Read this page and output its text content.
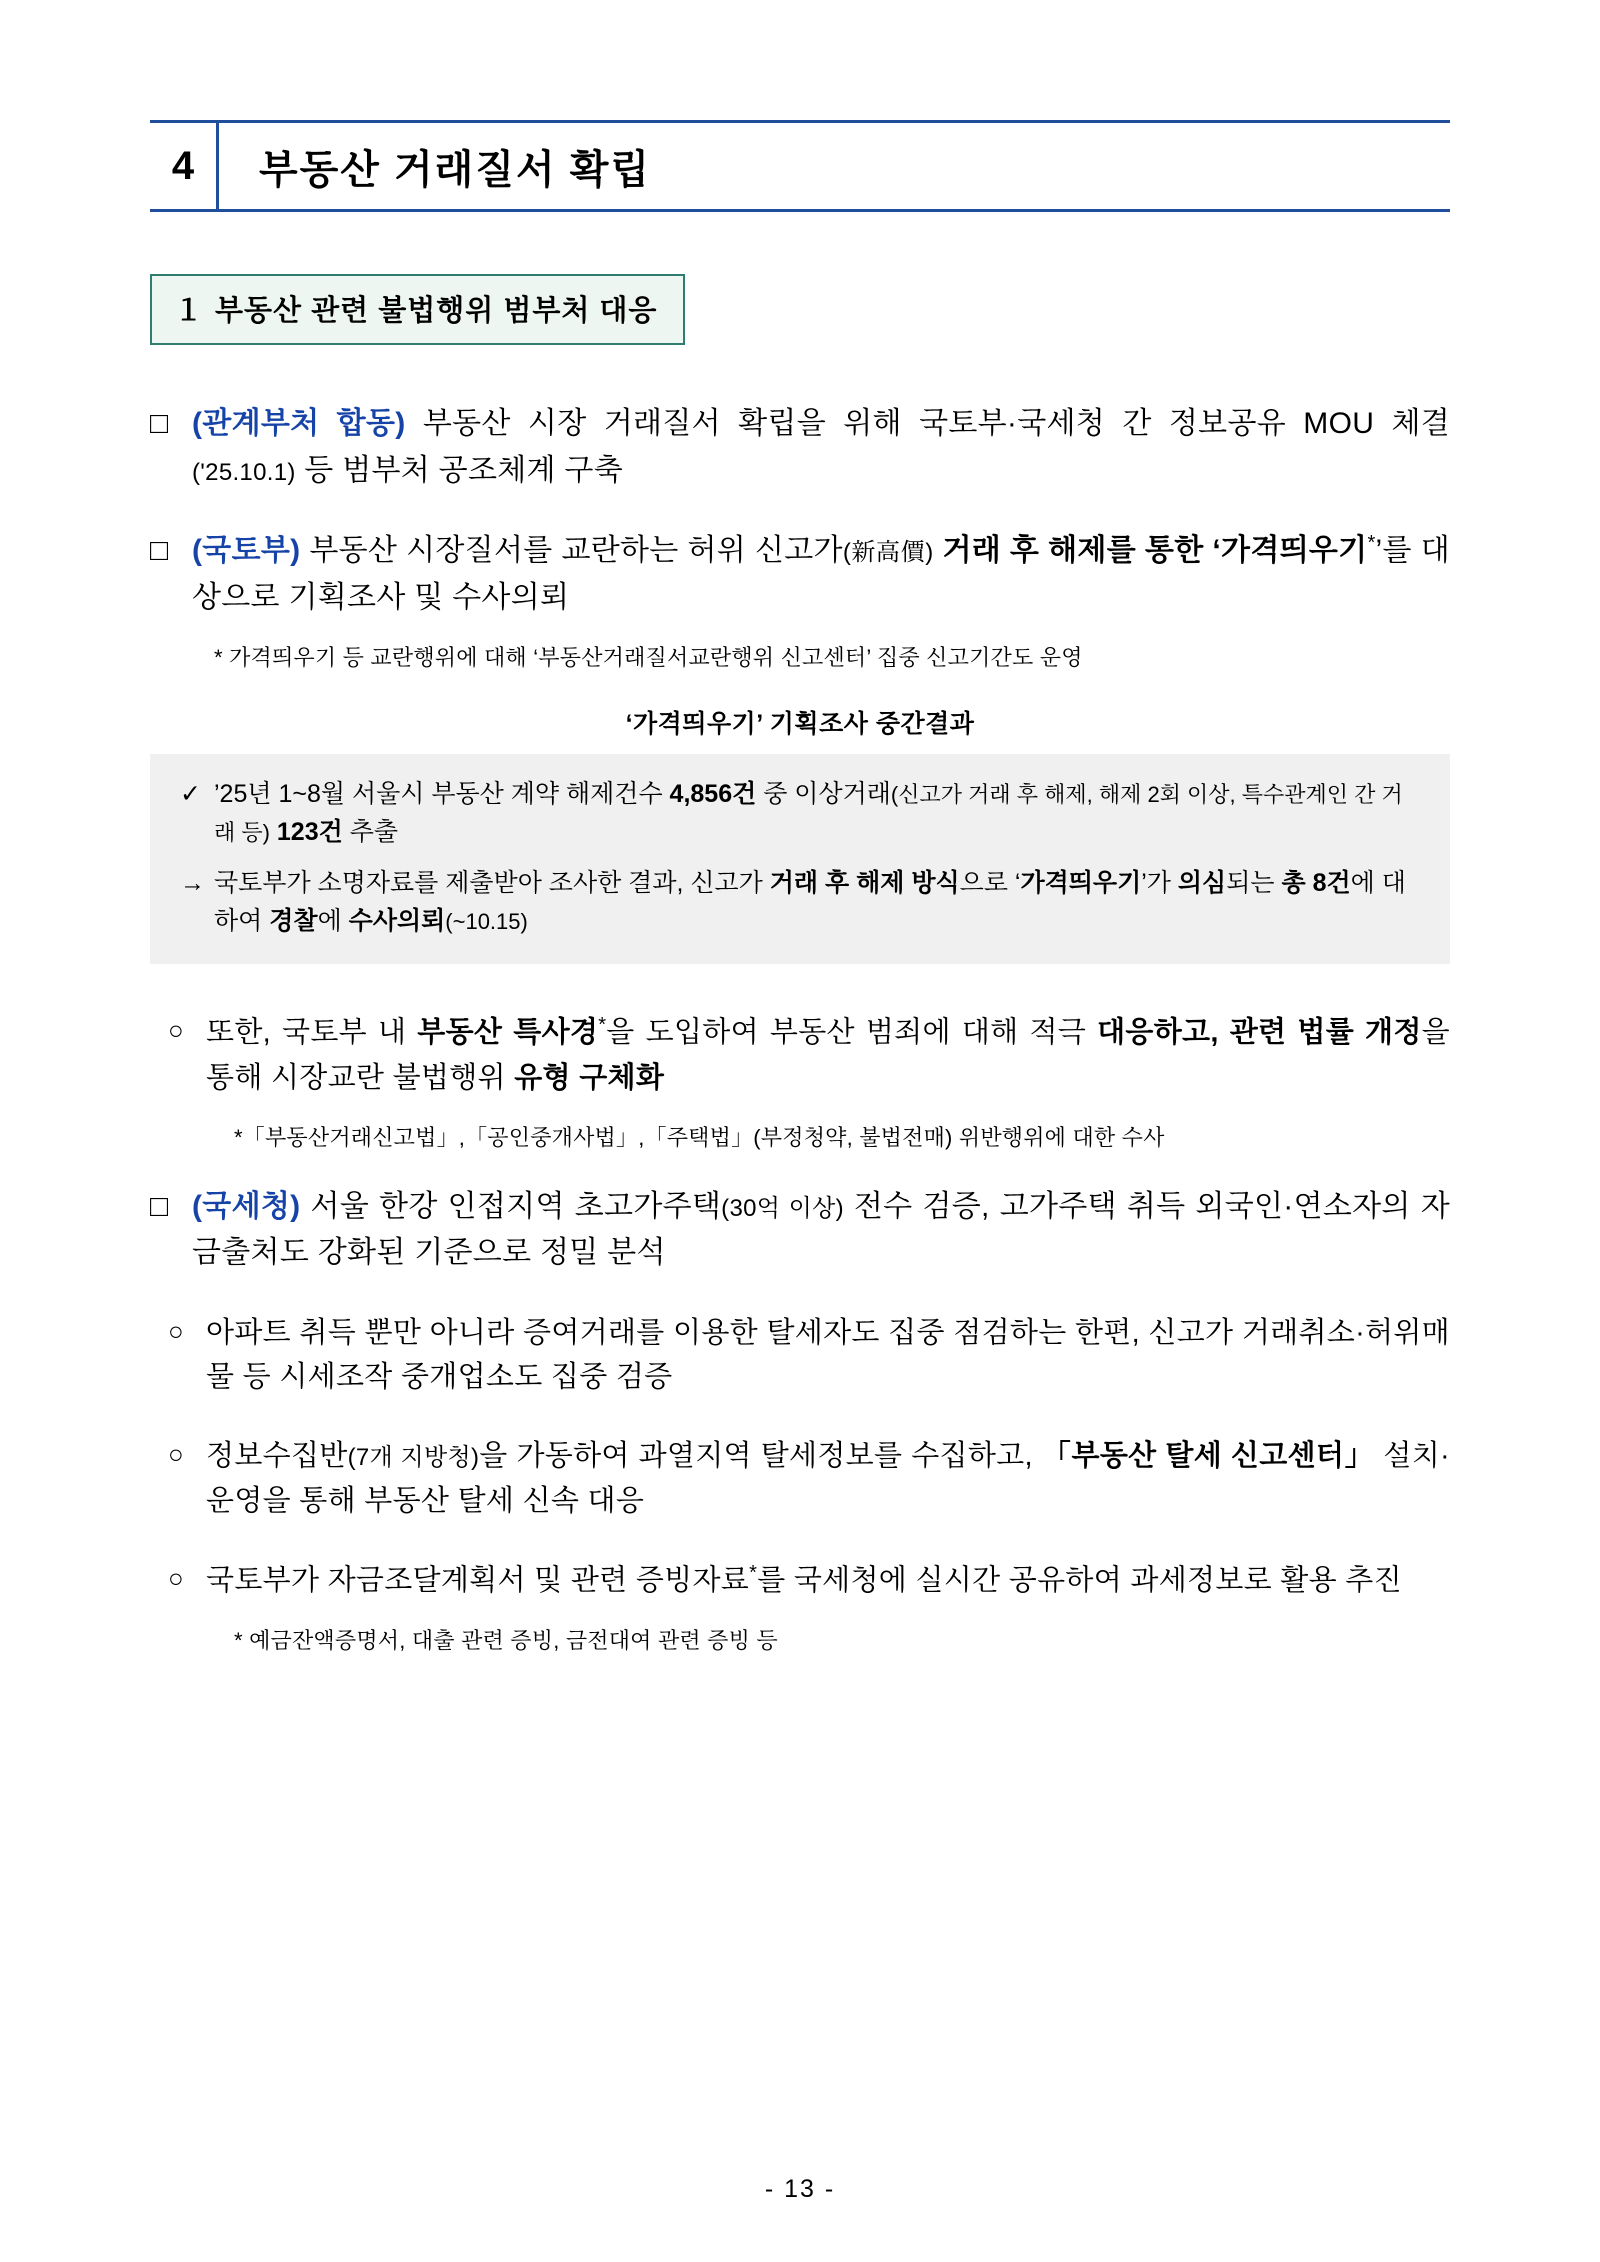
4	부동산 거래질서 확립
１ 부동산 관련 불법행위 범부처 대응
□ (관계부처 합동) 부동산 시장 거래질서 확립을 위해 국토부·국세청 간 정보공유 MOU 체결('25.10.1) 등 범부처 공조체계 구축
□ (국토부) 부동산 시장질서를 교란하는 허위 신고가(新高價) 거래 후 해제를 통한 ‘가격띄우기*’를 대상으로 기획조사 및 수사의뢰
* 가격띄우기 등 교란행위에 대해 ‘부동산거래질서교란행위 신고센터’ 집중 신고기간도 운영
‘가격띄우기’ 기획조사 중간결과
✓ ’25년 1~8월 서울시 부동산 계약 해제건수 4,856건 중 이상거래(신고가 거래 후 해제, 해제 2회 이상, 특수관계인 간 거래 등) 123건 추출
→ 국토부가 소명자료를 제출받아 조사한 결과, 신고가 거래 후 해제 방식으로 ‘가격띄우기’가 의심되는 총 8건에 대하여 경찰에 수사의뢰(~10.15)
○ 또한, 국토부 내 부동산 특사경*을 도입하여 부동산 범죄에 대해 적극 대응하고, 관련 법률 개정을 통해 시장교란 불법행위 유형 구체화
*「부동산거래신고법」,「공인중개사법」,「주택법」(부정청약, 불법전매) 위반행위에 대한 수사
□ (국세청) 서울 한강 인접지역 초고가주택(30억 이상) 전수 검증, 고가주택 취득 외국인·연소자의 자금출처도 강화된 기준으로 정밀 분석
○ 아파트 취득 뿐만 아니라 증여거래를 이용한 탈세자도 집중 점검하는 한편, 신고가 거래취소·허위매물 등 시세조작 중개업소도 집중 검증
○ 정보수집반(7개 지방청)을 가동하여 과열지역 탈세정보를 수집하고, 「부동산 탈세 신고센터」 설치·운영을 통해 부동산 탈세 신속 대응
○ 국토부가 자금조달계획서 및 관련 증빙자료*를 국세청에 실시간 공유하여 과세정보로 활용 추진
* 예금잔액증명서, 대출 관련 증빙, 금전대여 관련 증빙 등
- 13 -
